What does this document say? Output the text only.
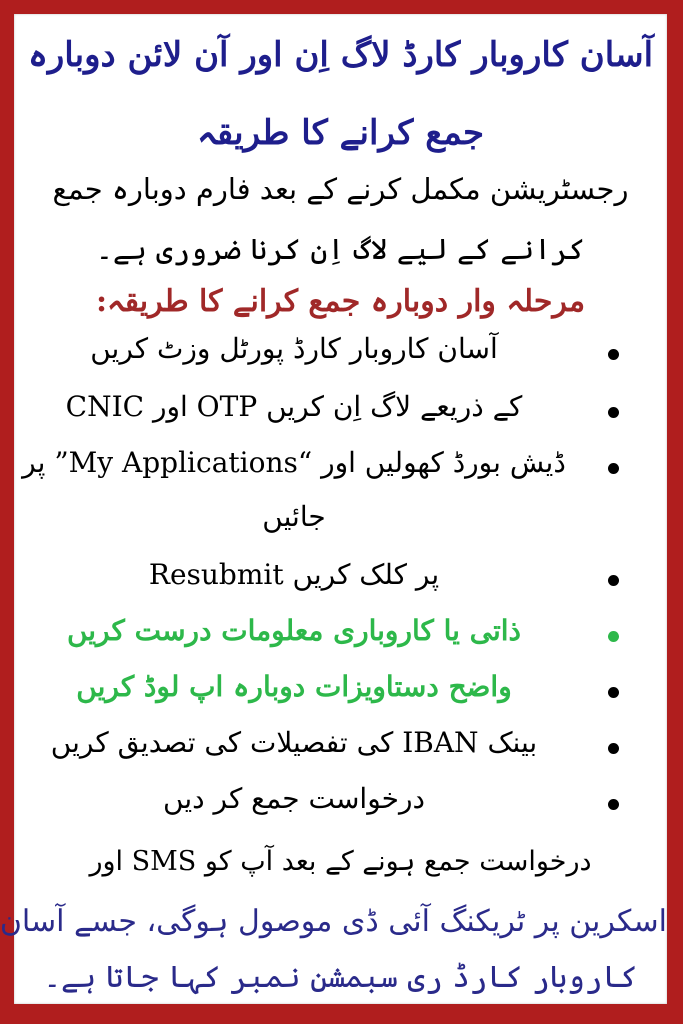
آسان کاروبار کارڈ لاگ اِن اور آن لائن دوبارہ
جمع کرانے کا طریقہ
رجسٹریشن مکمل کرنے کے بعد فارم دوبارہ جمع
کرانے کے لیے لاگ اِن کرنا ضروری ہے۔
مرحلہ وار دوبارہ جمع کرانے کا طریقہ:
آسان کاروبار کارڈ پورٹل وزٹ کریں
CNIC اور OTP کے ذریعے لاگ اِن کریں
ڈیش بورڈ کھولیں اور “My Applications” پر
جائیں
Resubmit پر کلک کریں
ذاتی یا کاروباری معلومات درست کریں
واضح دستاویزات دوبارہ اپ لوڈ کریں
بینک IBAN کی تفصیلات کی تصدیق کریں
درخواست جمع کر دیں
درخواست جمع ہونے کے بعد آپ کو SMS اور
اسکرین پر ٹریکنگ آئی ڈی موصول ہوگی، جسے آسان
کاروبار کارڈ ری سبمشن نمبر کہا جاتا ہے۔
